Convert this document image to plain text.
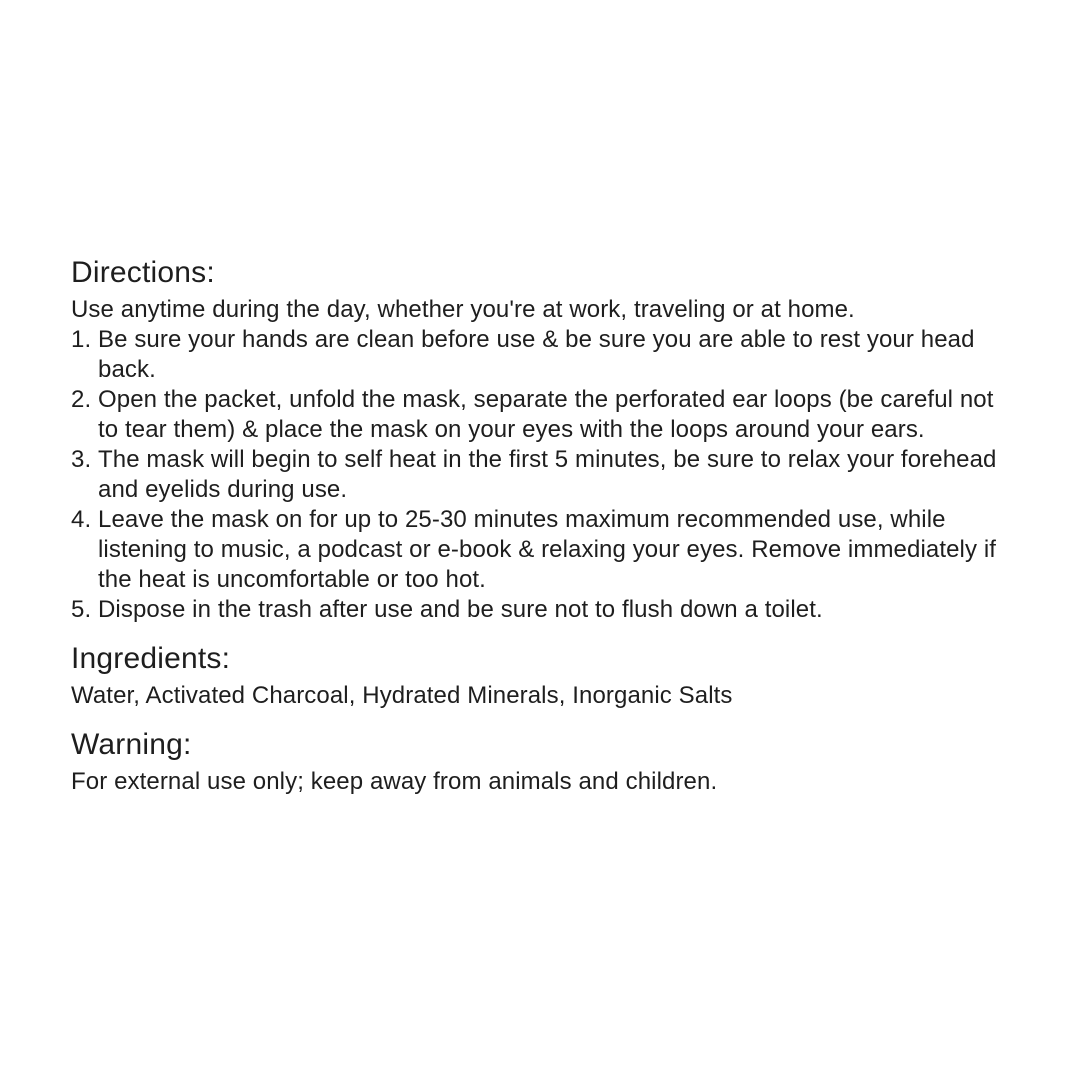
Directions:

Use anytime during the day, whether you're at work, traveling or at home.

1. Be sure your hands are clean before use & be sure you are able to rest your head back.
2. Open the packet, unfold the mask, separate the perforated ear loops (be careful not to tear them) & place the mask on your eyes with the loops around your ears.
3. The mask will begin to self heat in the first 5 minutes, be sure to relax your forehead and eyelids during use.
4. Leave the mask on for up to 25-30 minutes maximum recommended use, while listening to music, a podcast or e-book & relaxing your eyes. Remove immediately if the heat is uncomfortable or too hot.
5. Dispose in the trash after use and be sure not to flush down a toilet.
Ingredients:

Water, Activated Charcoal, Hydrated Minerals, Inorganic Salts

Warning:

For external use only; keep away from animals and children.
